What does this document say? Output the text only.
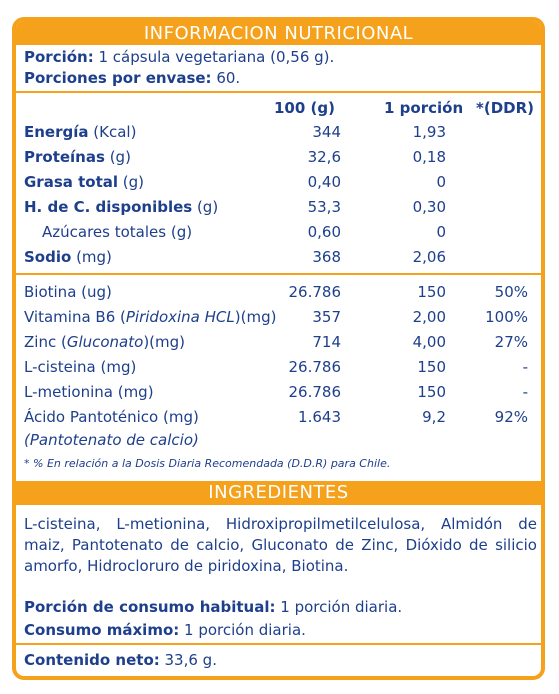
INFORMACION NUTRICIONAL
Porción: 1 cápsula vegetariana (0,56 g).
Porciones por envase: 60.
100 (g)	1 porción *(DDR)
Energía (Kcal)	344	1,93
Proteínas (g)	32,6	0,18
Grasa total (g)	0,40	0
H. de C. disponibles (g)	53,3	0,30
Azúcares totales (g)	0,60	0
Sodio (mg)	368	2,06
Biotina (ug)	26.786	150	50%
Vitamina B6 (Piridoxina HCL)(mg)	357	2,00	100%
Zinc (Gluconato)(mg)	714	4,00	27%
L-cisteina (mg)	26.786	150	-
L-metionina (mg)	26.786	150	-
Ácido Pantoténico (mg)	1.643	9,2	92%
(Pantotenato de calcio)
* % En relación a la Dosis Diaria Recomendada (D.D.R) para Chile.
INGREDIENTES
L-cisteina, L-metionina, Hidroxipropilmetilcelulosa, Almidón de maiz, Pantotenato de calcio, Gluconato de Zinc, Dióxido de silicio amorfo, Hidrocloruro de piridoxina, Biotina.
Porción de consumo habitual: 1 porción diaria.
Consumo máximo: 1 porción diaria.
Contenido neto: 33,6 g.
